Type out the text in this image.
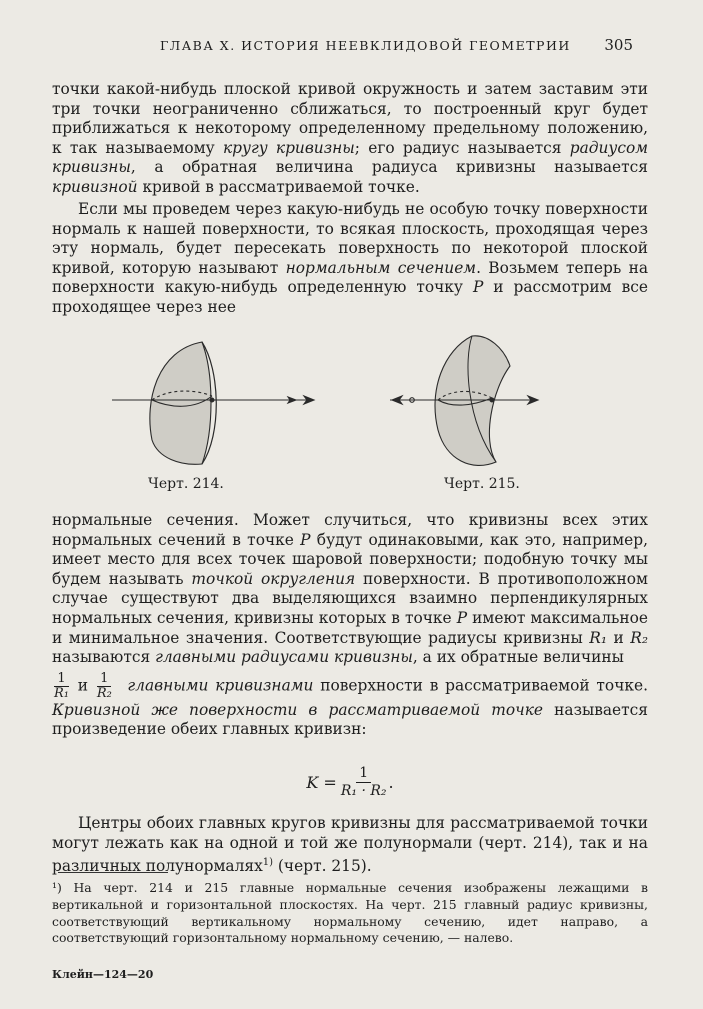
ГЛАВА X. ИСТОРИЯ НЕЕВКЛИДОВОЙ ГЕОМЕТРИИ 305

точки какой-нибудь плоской кривой окружность и затем заставим эти три точки неограниченно сближаться, то построенный круг будет приближаться к некоторому определенному предельному положению, к так называемому кругу кривизны; его радиус называется радиусом кривизны, а обратная величина радиуса кривизны называется кривизной кривой в рассматриваемой точке.

Если мы проведем через какую-нибудь не особую точку поверхности нормаль к нашей поверхности, то всякая плоскость, проходящая через эту нормаль, будет пересекать поверхность по некоторой плоской кривой, которую называют нормальным сечением. Возьмем теперь на поверхности какую-нибудь определенную точку P и рассмотрим все проходящее через нее

Черт. 214.	Черт. 215.

нормальные сечения. Может случиться, что кривизны всех этих нормальных сечений в точке P будут одинаковыми, как это, например, имеет место для всех точек шаровой поверхности; подобную точку мы будем называть точкой округления поверхности. В противоположном случае существуют два выделяющихся взаимно перпендикулярных нормальных сечения, кривизны которых в точке P имеют максимальное и минимальное значения. Соответствующие радиусы кривизны R₁ и R₂ называются главными радиусами кривизны, а их обратные величины

$\frac{1}{\text{R₁}}$ и $\frac{1}{\text{R₂}}$ главными кривизнами поверхности в рассматриваемой точке. Кривизной же поверхности в рассматриваемой точке называется произведение обеих главных кривизн:

$K = \frac{1}{\text{R₁ · R₂}}$ .

Центры обоих главных кругов кривизны для рассматриваемой точки могут лежать как на одной и той же полунормали (черт. 214), так и на различных полунормалях$^{1)}$ (черт. 215).

¹) На черт. 214 и 215 главные нормальные сечения изображены лежащими в вертикальной и горизонтальной плоскостях. На черт. 215 главный радиус кривизны, соответствующий вертикальному нормальному сечению, идет направо, а соответствующий горизонтальному нормальному сечению, — налево.
Клейн—124—20
